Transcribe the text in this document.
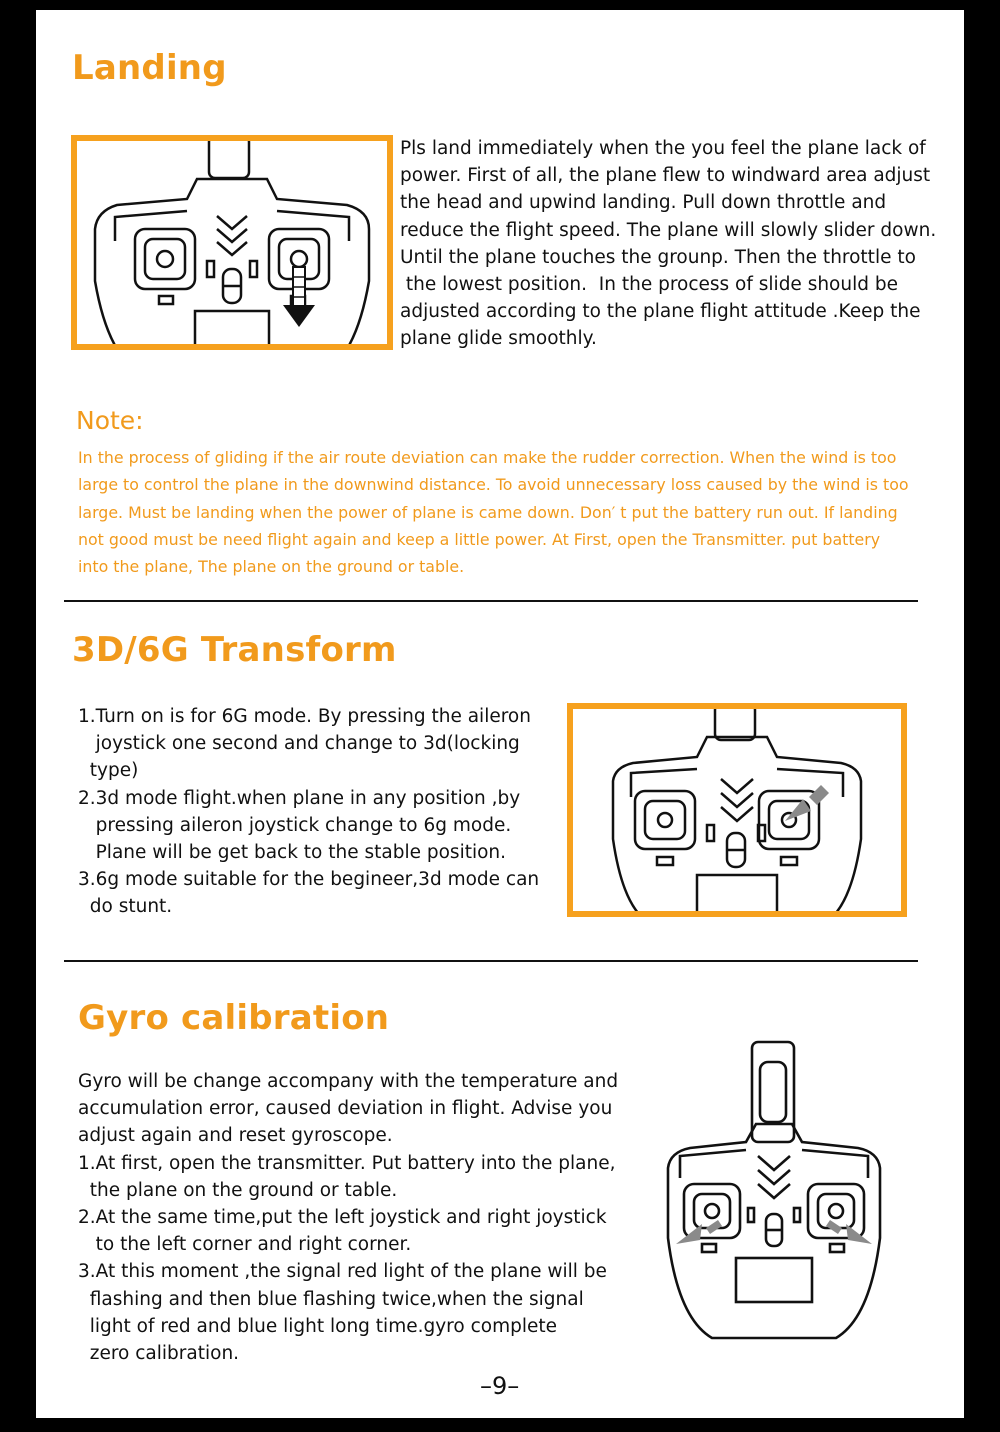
Landing
Pls land immediately when the you feel the plane lack of
power. First of all, the plane flew to windward area adjust
the head and upwind landing. Pull down throttle and
reduce the flight speed. The plane will slowly slider down.
Until the plane touches the grounp. Then the throttle to
the lowest position.  In the process of slide should be
adjusted according to the plane flight attitude .Keep the
plane glide smoothly.
Note:
In the process of gliding if the air route deviation can make the rudder correction. When the wind is too
large to control the plane in the downwind distance. To avoid unnecessary loss caused by the wind is too
large. Must be landing when the power of plane is came down. Don′ t put the battery run out. If landing
not good must be need flight again and keep a little power. At First, open the Transmitter. put battery
into the plane, The plane on the ground or table.
3D/6G Transform
1.Turn on is for 6G mode. By pressing the aileron
joystick one second and change to 3d(locking
type)
2.3d mode flight.when plane in any position ,by
pressing aileron joystick change to 6g mode.
Plane will be get back to the stable position.
3.6g mode suitable for the begineer,3d mode can
do stunt.
Gyro calibration
Gyro will be change accompany with the temperature and
accumulation error, caused deviation in flight. Advise you
adjust again and reset gyroscope.
1.At first, open the transmitter. Put battery into the plane,
the plane on the ground or table.
2.At the same time,put the left joystick and right joystick
to the left corner and right corner.
3.At this moment ,the signal red light of the plane will be
flashing and then blue flashing twice,when the signal
light of red and blue light long time.gyro complete
zero calibration.
–9–
